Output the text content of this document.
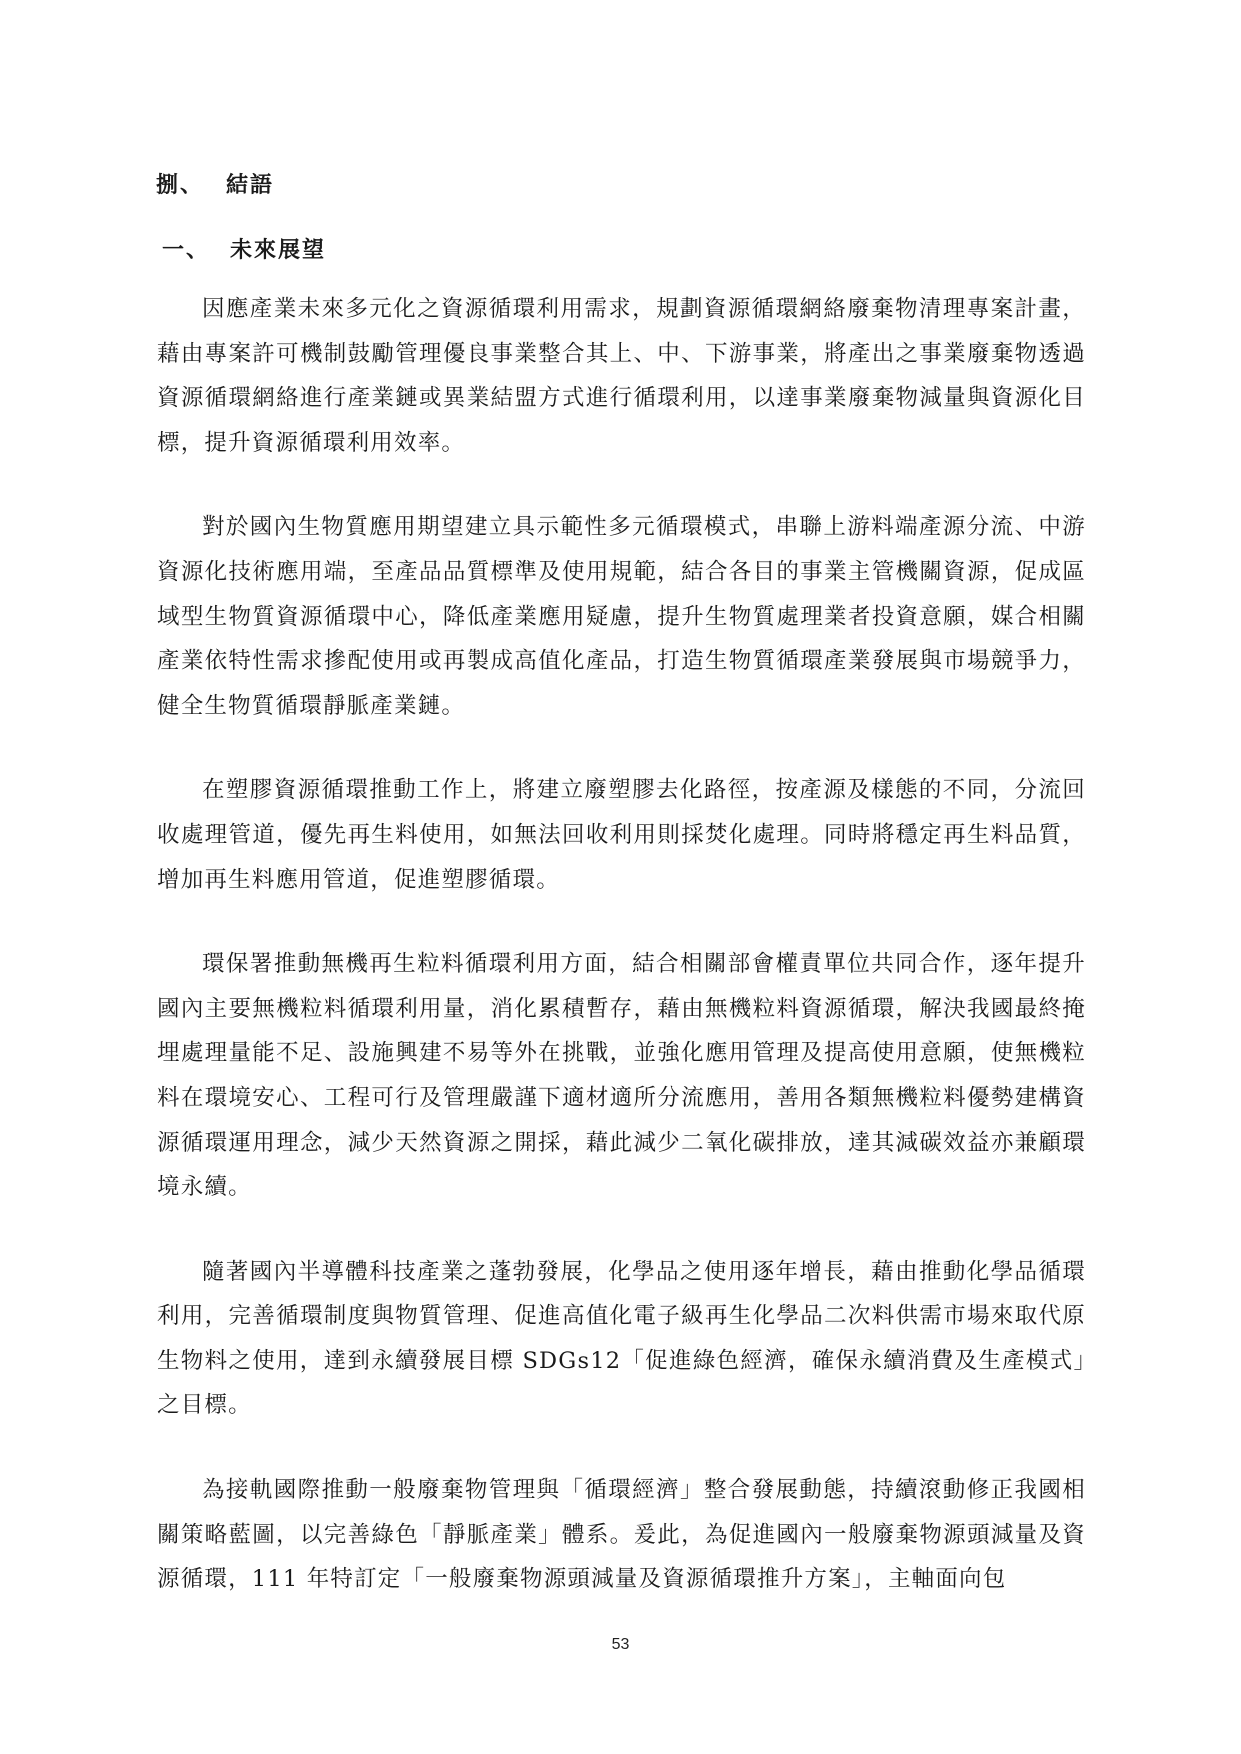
捌、 結語
一、 未來展望

因應產業未來多元化之資源循環利用需求，規劃資源循環網絡廢棄物清理專案計畫，藉由專案許可機制鼓勵管理優良事業整合其上、中、下游事業，將產出之事業廢棄物透過資源循環網絡進行產業鏈或異業結盟方式進行循環利用，以達事業廢棄物減量與資源化目標，提升資源循環利用效率。

對於國內生物質應用期望建立具示範性多元循環模式，串聯上游料端產源分流、中游資源化技術應用端，至產品品質標準及使用規範，結合各目的事業主管機關資源，促成區域型生物質資源循環中心，降低產業應用疑慮，提升生物質處理業者投資意願，媒合相關產業依特性需求摻配使用或再製成高值化產品，打造生物質循環產業發展與市場競爭力，健全生物質循環靜脈產業鏈。

在塑膠資源循環推動工作上，將建立廢塑膠去化路徑，按產源及樣態的不同，分流回收處理管道，優先再生料使用，如無法回收利用則採焚化處理。同時將穩定再生料品質，增加再生料應用管道，促進塑膠循環。

環保署推動無機再生粒料循環利用方面，結合相關部會權責單位共同合作，逐年提升國內主要無機粒料循環利用量，消化累積暫存，藉由無機粒料資源循環，解決我國最終掩埋處理量能不足、設施興建不易等外在挑戰，並強化應用管理及提高使用意願，使無機粒料在環境安心、工程可行及管理嚴謹下適材適所分流應用，善用各類無機粒料優勢建構資源循環運用理念，減少天然資源之開採，藉此減少二氧化碳排放，達其減碳效益亦兼顧環境永續。

隨著國內半導體科技產業之蓬勃發展，化學品之使用逐年增長，藉由推動化學品循環利用，完善循環制度與物質管理、促進高值化電子級再生化學品二次料供需市場來取代原生物料之使用，達到永續發展目標 SDGs12「促進綠色經濟，確保永續消費及生產模式」之目標。

為接軌國際推動一般廢棄物管理與「循環經濟」整合發展動態，持續滾動修正我國相關策略藍圖，以完善綠色「靜脈產業」體系。爰此，為促進國內一般廢棄物源頭減量及資源循環，111 年特訂定「一般廢棄物源頭減量及資源循環推升方案」，主軸面向包

53
